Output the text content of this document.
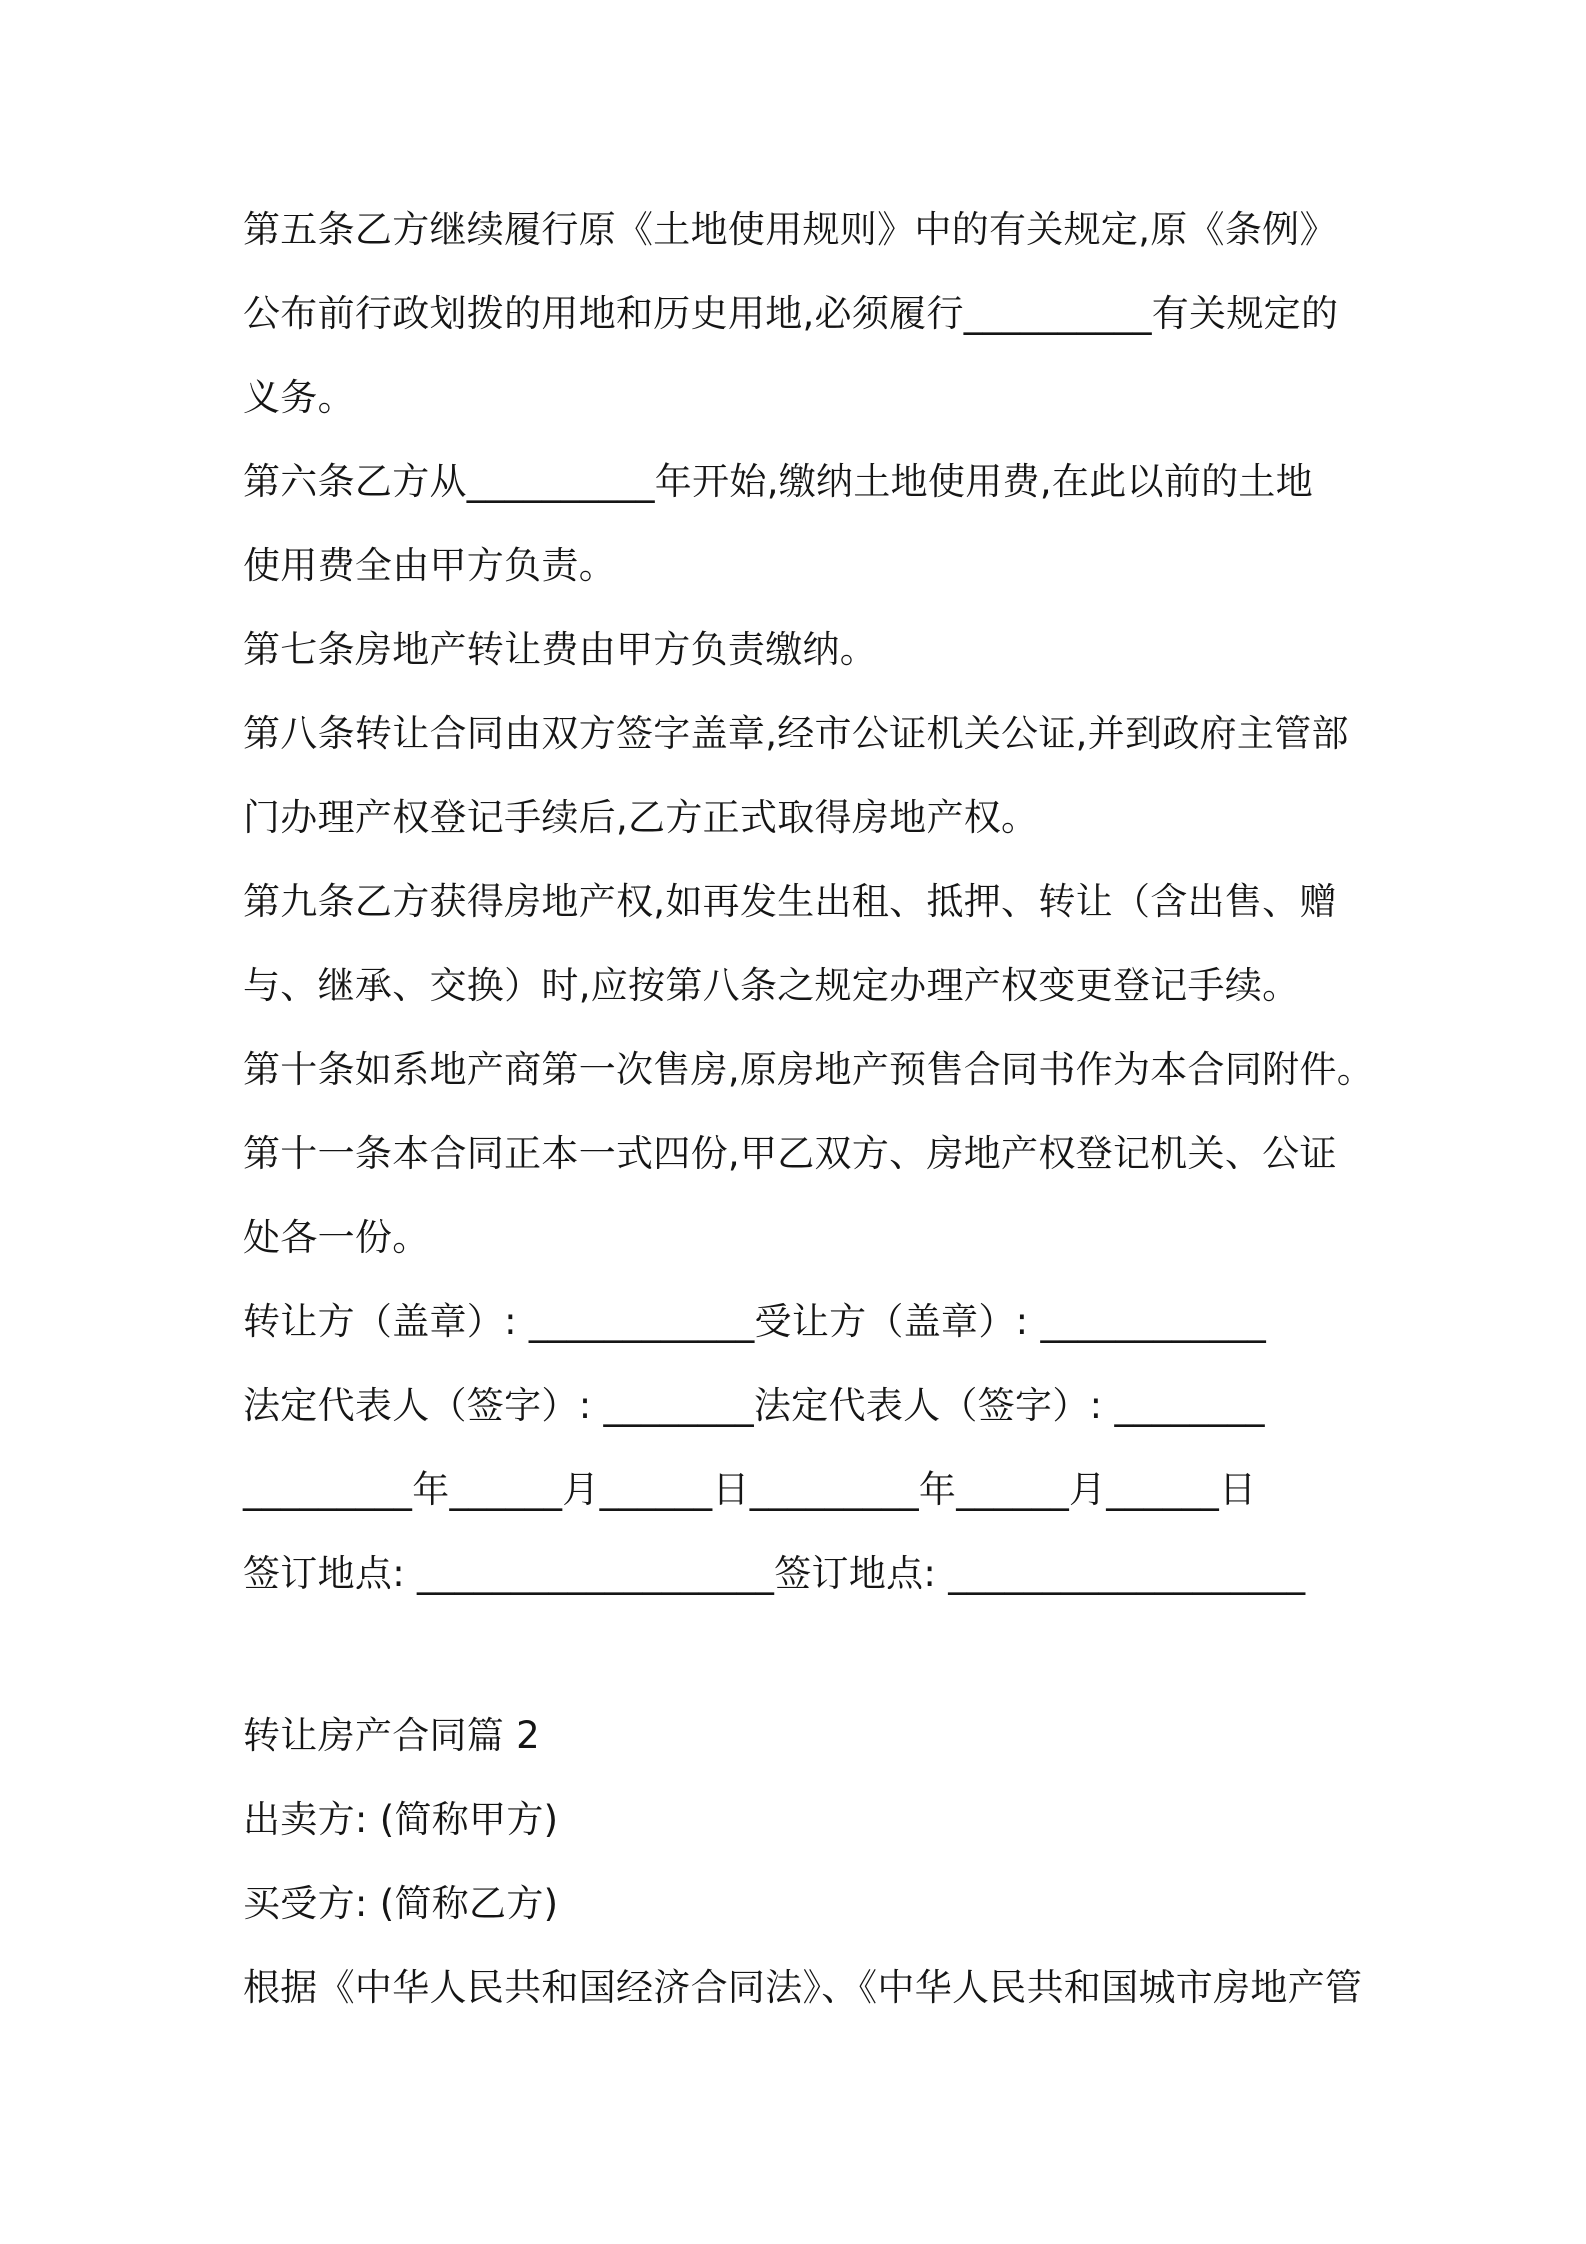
第五条乙方继续履行原《土地使用规则》中的有关规定,原《条例》
公布前行政划拨的用地和历史用地,必须履行__________有关规定的
义务。
第六条乙方从__________年开始,缴纳土地使用费,在此以前的土地
使用费全由甲方负责。
第七条房地产转让费由甲方负责缴纳。
第八条转让合同由双方签字盖章,经市公证机关公证,并到政府主管部
门办理产权登记手续后,乙方正式取得房地产权。
第九条乙方获得房地产权,如再发生出租、抵押、转让（含出售、赠
与、继承、交换）时,应按第八条之规定办理产权变更登记手续。
第十条如系地产商第一次售房,原房地产预售合同书作为本合同附件。
第十一条本合同正本一式四份,甲乙双方、房地产权登记机关、公证
处各一份。
转让方（盖章）: ____________受让方（盖章）: ____________
法定代表人（签字）: ________法定代表人（签字）: ________
_________年______月______日_________年______月______日
签订地点: ___________________签订地点: ___________________
转让房产合同篇 2
出卖方: (简称甲方)
买受方: (简称乙方)
根据《中华人民共和国经济合同法》、《中华人民共和国城市房地产管
